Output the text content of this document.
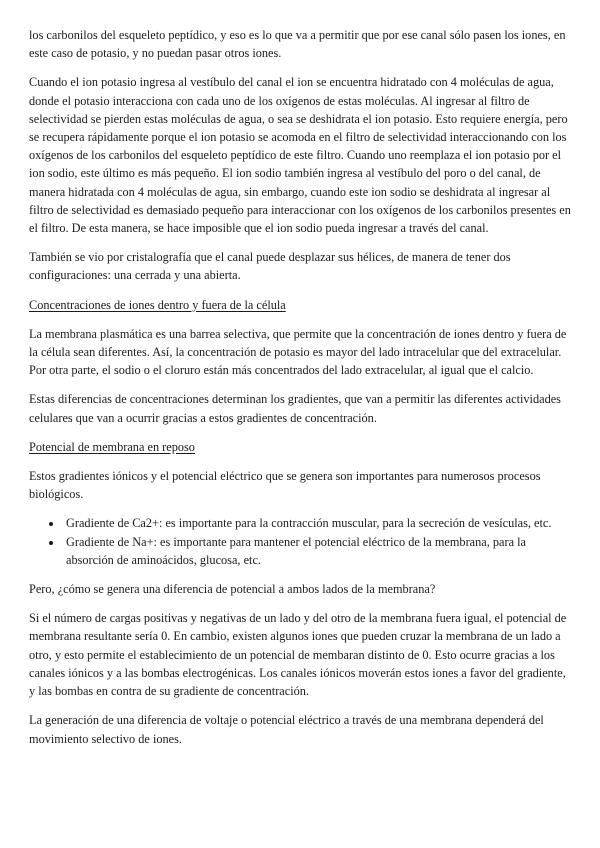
los carbonilos del esqueleto peptídico, y eso es lo que va a permitir que por ese canal sólo pasen los iones, en este caso de potasio, y no puedan pasar otros iones.

Cuando el ion potasio ingresa al vestíbulo del canal el ion se encuentra hidratado con 4 moléculas de agua, donde el potasio interacciona con cada uno de los oxígenos de estas moléculas. Al ingresar al filtro de selectividad se pierden estas moléculas de agua, o sea se deshidrata el ion potasio. Esto requiere energía, pero se recupera rápidamente porque el ion potasio se acomoda en el filtro de selectividad interaccionando con los oxígenos de los carbonilos del esqueleto peptídico de este filtro. Cuando uno reemplaza el ion potasio por el ion sodio, este último es más pequeño. El ion sodio también ingresa al vestíbulo del poro o del canal, de manera hidratada con 4 moléculas de agua, sin embargo, cuando este ion sodio se deshidrata al ingresar al filtro de selectividad es demasiado pequeño para interaccionar con los oxígenos de los carbonilos presentes en el filtro. De esta manera, se hace imposible que el ion sodio pueda ingresar a través del canal.

También se vio por cristalografía que el canal puede desplazar sus hélices, de manera de tener dos configuraciones: una cerrada y una abierta.

Concentraciones de iones dentro y fuera de la célula

La membrana plasmática es una barrea selectiva, que permite que la concentración de iones dentro y fuera de la célula sean diferentes. Así, la concentración de potasio es mayor del lado intracelular que del extracelular. Por otra parte, el sodio o el cloruro están más concentrados del lado extracelular, al igual que el calcio.

Estas diferencias de concentraciones determinan los gradientes, que van a permitir las diferentes actividades celulares que van a ocurrir gracias a estos gradientes de concentración.

Potencial de membrana en reposo

Estos gradientes iónicos y el potencial eléctrico que se genera son importantes para numerosos procesos biológicos.

• Gradiente de Ca2+: es importante para la contracción muscular, para la secreción de vesículas, etc.
• Gradiente de Na+: es importante para mantener el potencial eléctrico de la membrana, para la absorción de aminoácidos, glucosa, etc.

Pero, ¿cómo se genera una diferencia de potencial a ambos lados de la membrana?

Si el número de cargas positivas y negativas de un lado y del otro de la membrana fuera igual, el potencial de membrana resultante sería 0. En cambio, existen algunos iones que pueden cruzar la membrana de un lado a otro, y esto permite el establecimiento de un potencial de membaran distinto de 0. Esto ocurre gracias a los canales iónicos y a las bombas electrogénicas. Los canales iónicos moverán estos iones a favor del gradiente, y las bombas en contra de su gradiente de concentración.

La generación de una diferencia de voltaje o potencial eléctrico a través de una membrana dependerá del movimiento selectivo de iones.
